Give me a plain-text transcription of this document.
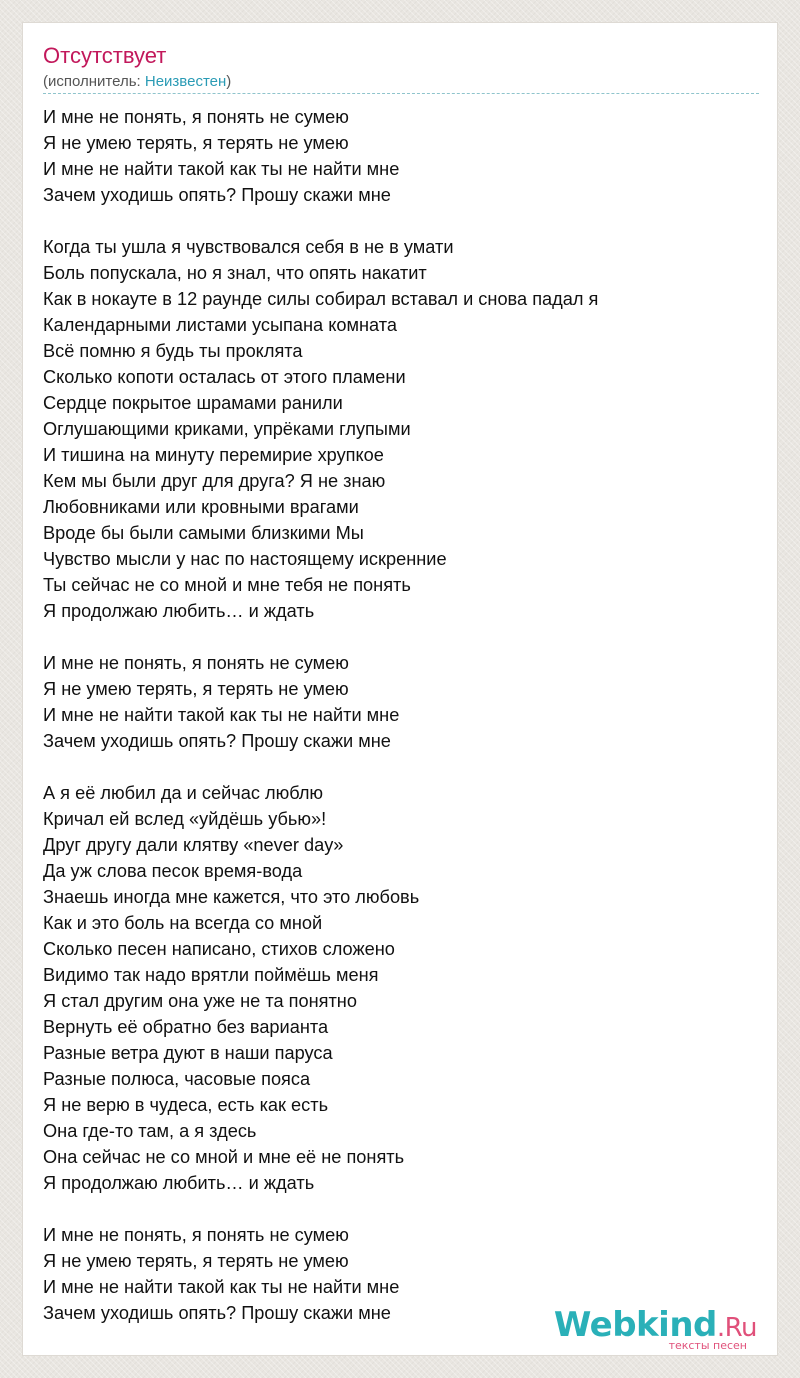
Отсутствует
(исполнитель: Неизвестен)
И мне не понять, я понять не сумею
Я не умею терять, я терять не умею
И мне не найти такой как ты не найти мне
Зачем уходишь опять? Прошу скажи мне
Когда ты ушла я чувствовался себя в не в умати
Боль попускала, но я знал, что опять накатит
Как в нокауте в 12 раунде силы собирал вставал и снова падал я
Календарными листами усыпана комната
Всё помню я будь ты проклята
Сколько копоти осталась от этого пламени
Сердце покрытое шрамами ранили
Оглушающими криками, упрёками глупыми
И тишина на минуту перемирие хрупкое
Кем мы были друг для друга? Я не знаю
Любовниками или кровными врагами
Вроде бы были самыми близкими Мы
Чувство мысли у нас по настоящему искренние
Ты сейчас не со мной и мне тебя не понять
Я продолжаю любить… и ждать
И мне не понять, я понять не сумею
Я не умею терять, я терять не умею
И мне не найти такой как ты не найти мне
Зачем уходишь опять? Прошу скажи мне
А я её любил да и сейчас люблю
Кричал ей вслед «уйдёшь убью»!
Друг другу дали клятву «never day»
Да уж слова песок время-вода
Знаешь иногда мне кажется, что это любовь
Как и это боль на всегда со мной
Сколько песен написано, стихов сложено
Видимо так надо врятли поймёшь меня
Я стал другим она уже не та понятно
Вернуть её обратно без варианта
Разные ветра дуют в наши паруса
Разные полюса, часовые пояса
Я не верю в чудеса, есть как есть
Она где-то там, а я здесь
Она сейчас не со мной и мне её не понять
Я продолжаю любить… и ждать
И мне не понять, я понять не сумею
Я не умею терять, я терять не умею
И мне не найти такой как ты не найти мне
Зачем уходишь опять? Прошу скажи мне	Webkind.Ru
тексты песен
